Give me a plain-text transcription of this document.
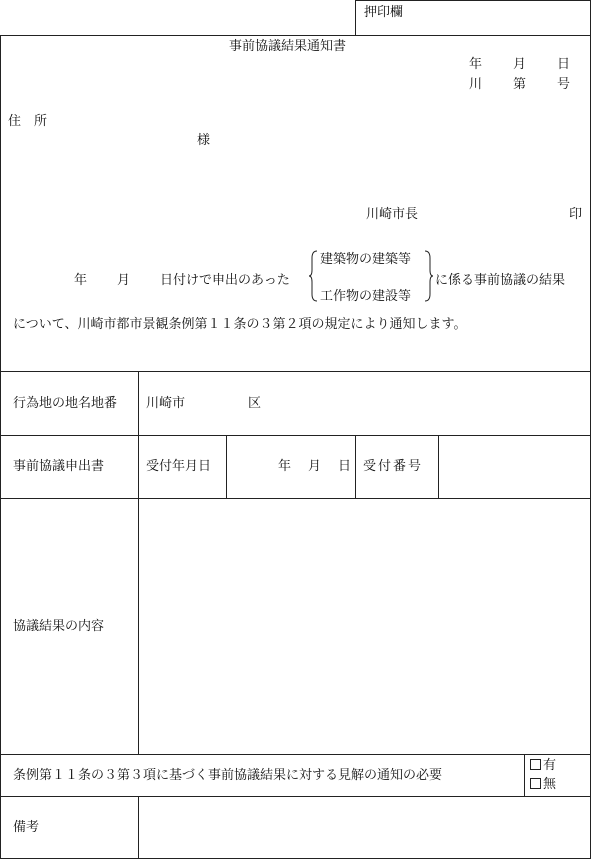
押印欄
事前協議結果通知書
年 月 日
川 第 号
住　所
様
川崎市長	印
年 月 日付けで申出のあった
建築物の建築等
工作物の建設等
に係る事前協議の結果
について、川崎市都市景観条例第１１条の３第２項の規定により通知します。
行為地の地名地番 川崎市	区
事前協議申出書	受付年月日	年 月 日 受付番号
協議結果の内容
条例第１１条の３第３項に基づく事前協議結果に対する見解の通知の必要
有
無
備考
